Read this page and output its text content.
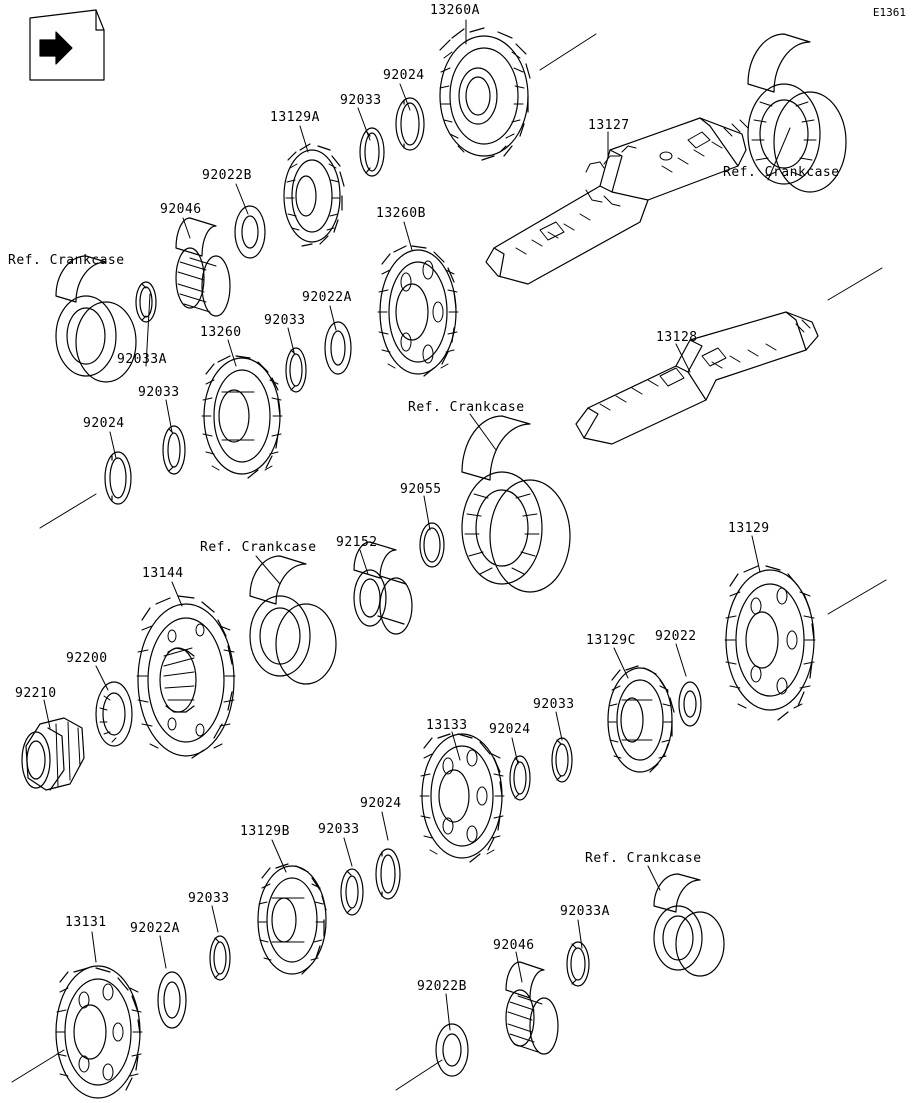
E1361
13260A
92024
92033
13129A
13127
92022B	Ref. Crankcase
92046	13260B
Ref. Crankcase
92022A
13260
92033
13128
92033A
92033
Ref. Crankcase
92024
92055
92152
13129
Ref. Crankcase
13144
13129C 92022
92200
92210
92033
13133 92024
92024
13129B 92033
Ref. Crankcase
92033
92033A
13131 92022A
92046
92022B
